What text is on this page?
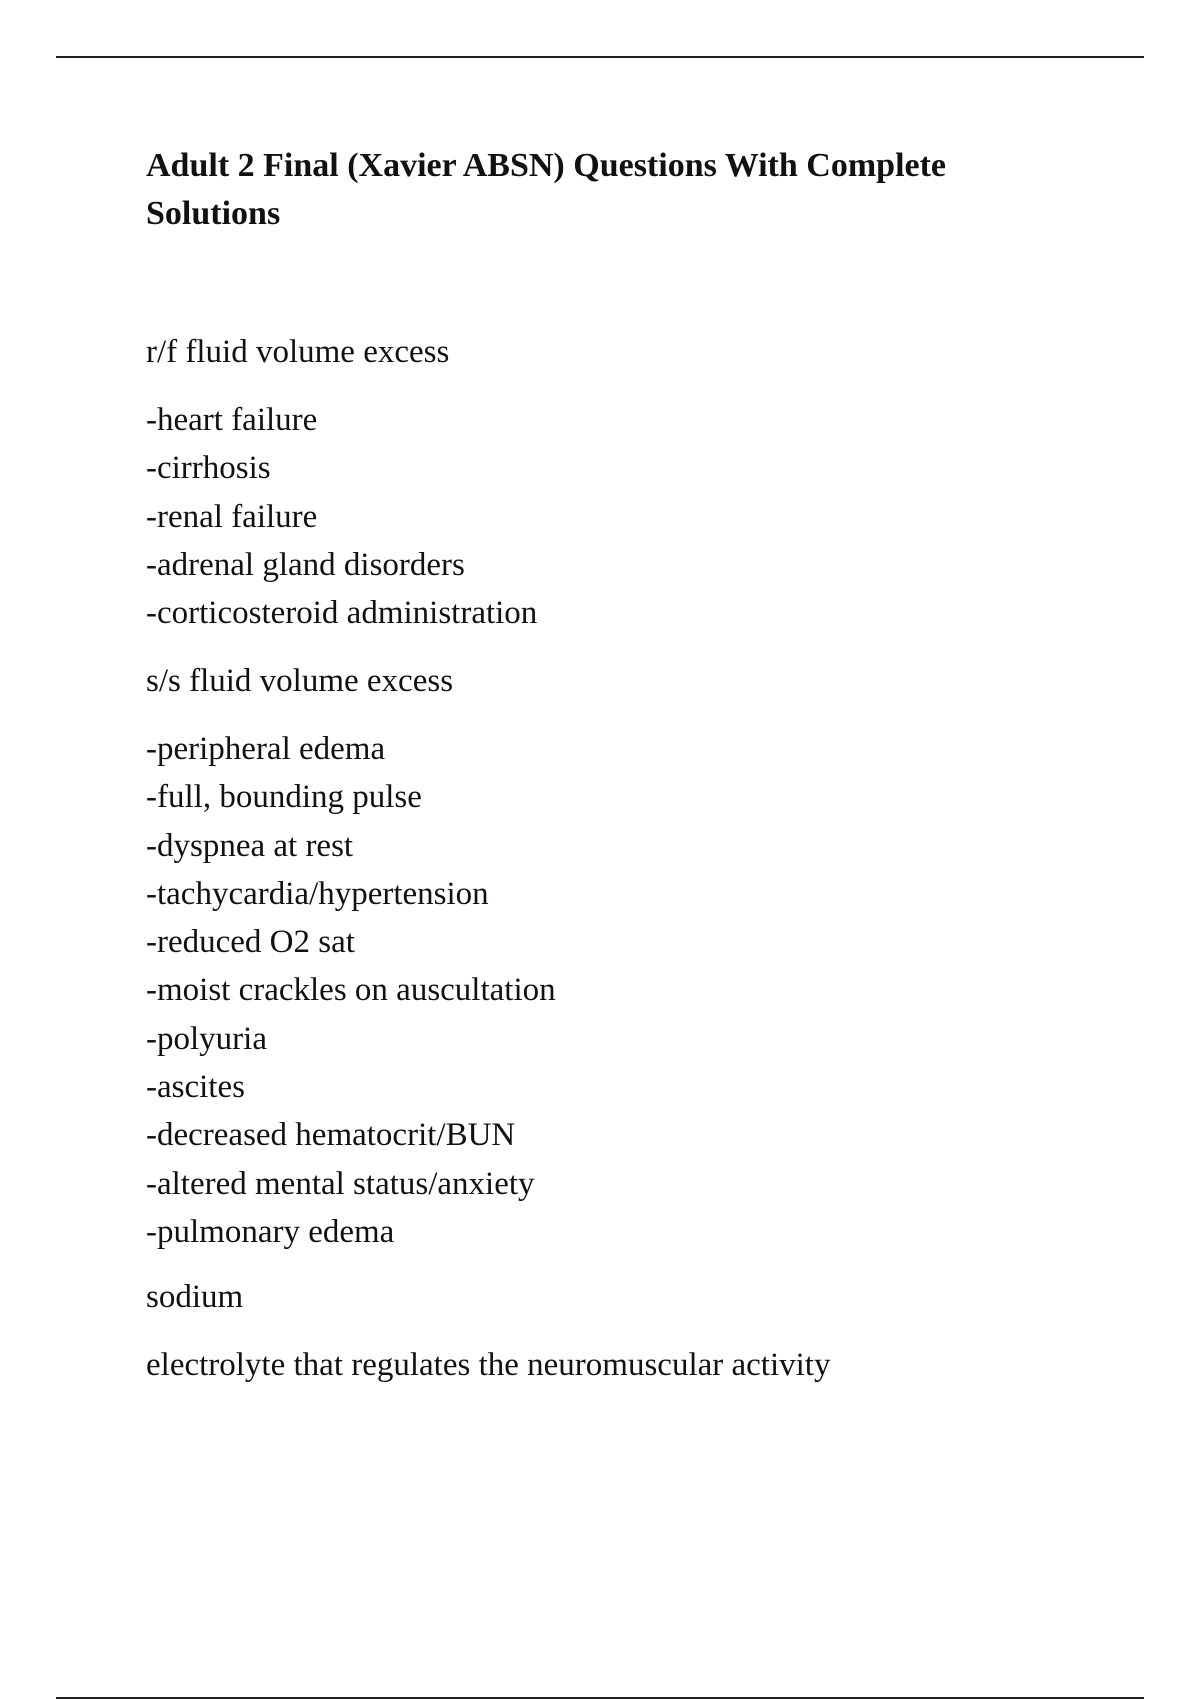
Adult 2 Final (Xavier ABSN) Questions With Complete Solutions

r/f fluid volume excess

-heart failure
-cirrhosis
-renal failure
-adrenal gland disorders
-corticosteroid administration

s/s fluid volume excess

-peripheral edema
-full, bounding pulse
-dyspnea at rest
-tachycardia/hypertension
-reduced O2 sat
-moist crackles on auscultation
-polyuria
-ascites
-decreased hematocrit/BUN
-altered mental status/anxiety
-pulmonary edema

sodium

electrolyte that regulates the neuromuscular activity
